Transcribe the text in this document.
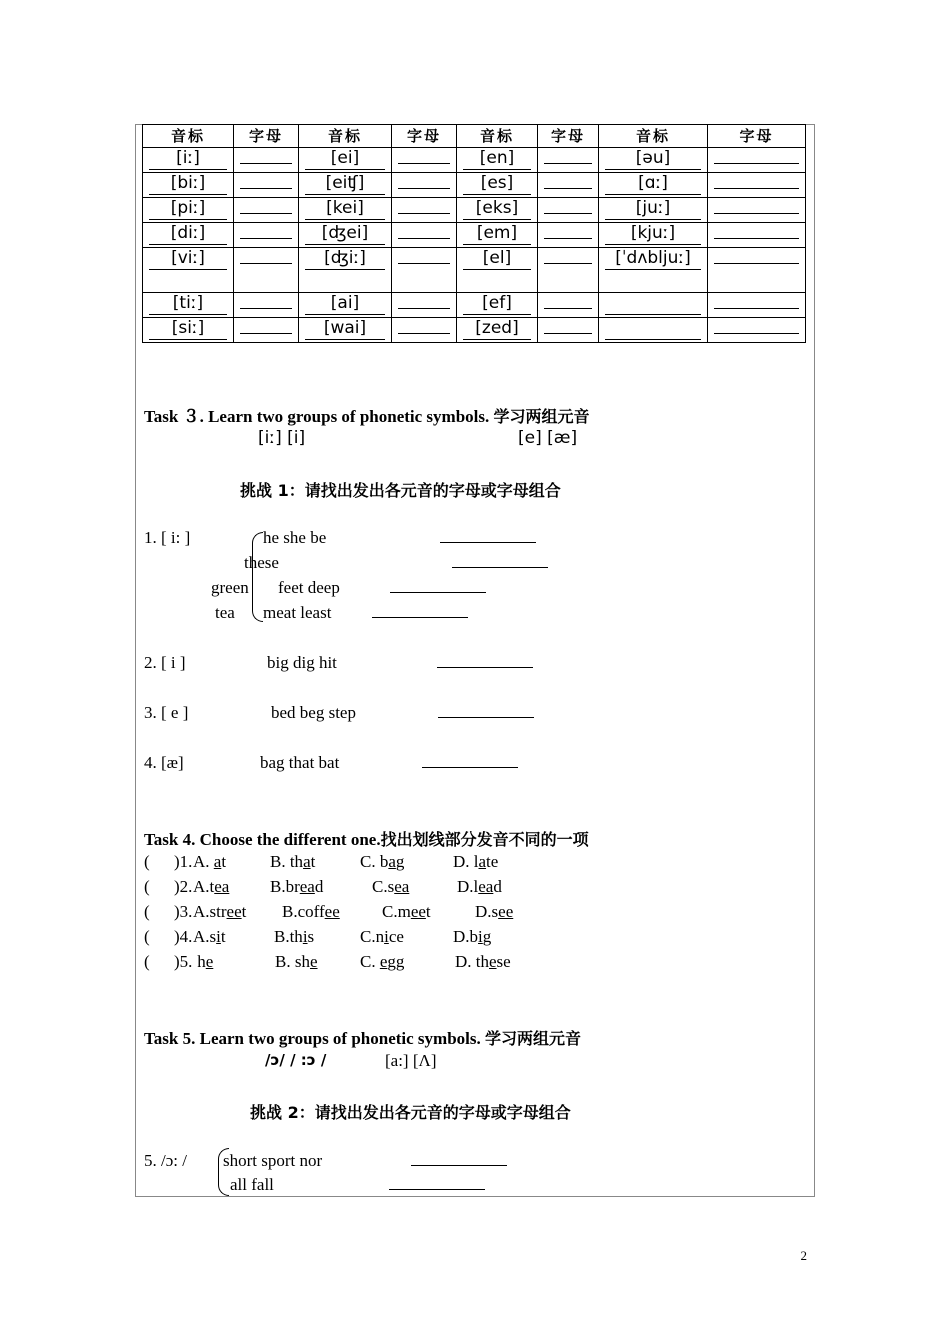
音标	字母	音标	字母	音标	字母	音标	字母

[iː]		[ei]		[en]		[əu]	

[biː]		[eiʧ]		[es]		[ɑː]	

[piː]		[kei]		[eks]		[juː]	

[diː]		[ʤei]		[em]		[kjuː]	

[viː]		[ʤiː]		[el]		[ˈdʌbljuː]	

[tiː]		[ai]		[ef]			

[siː]		[wai]		[zed]			

Task ３. Learn two groups of phonetic symbols. 学习两组元音
[iː] [i]	[e] [æ]
挑战 1：请找出发出各元音的字母或字母组合
1. [ i: ]	he she be
these
green feet deep
tea meat least
2. [ i ]	big dig hit
3. [ e ]	bed beg step
4. [æ]	bag that bat
Task 4. Choose the different one.找出划线部分发音不同的一项
( )1. A. at	B. that	C. bag	D. late
( )2. A.tea B.bread	C.sea	D.lead
( )3. A.street B.coffee C.meet	D.see
( )4. A.sit	B.this	C.nice	D.big
( )5. he	B. she C. egg	D. these
Task 5. Learn two groups of phonetic symbols. 学习两组元音
/ɔ/ / :ɔ /	[a:] [Λ]
挑战 2：请找出发出各元音的字母或字母组合
5. /ɔ: / short sport nor
all fall
2
